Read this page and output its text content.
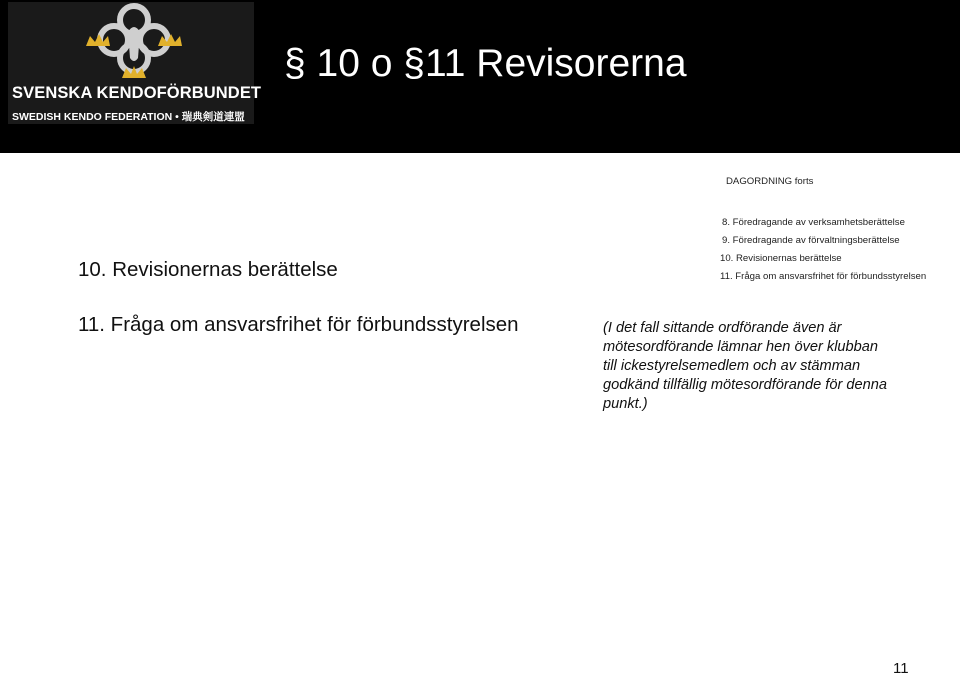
SVENSKA KENDOFÖRBUNDET
SWEDISH KENDO FEDERATION • 瑞典剣道連盟
§ 10 o §11 Revisorerna
DAGORDNING forts
8. Föredragande av verksamhetsberättelse
9. Föredragande av förvaltningsberättelse
10. Revisionernas berättelse
11. Fråga om ansvarsfrihet för förbundsstyrelsen
10. Revisionernas berättelse
11. Fråga om ansvarsfrihet för förbundsstyrelsen	(I det fall sittande ordförande även är
mötesordförande lämnar hen över klubban
till ickestyrelsemedlem och av stämman
godkänd tillfällig mötesordförande för denna
punkt.)
11
